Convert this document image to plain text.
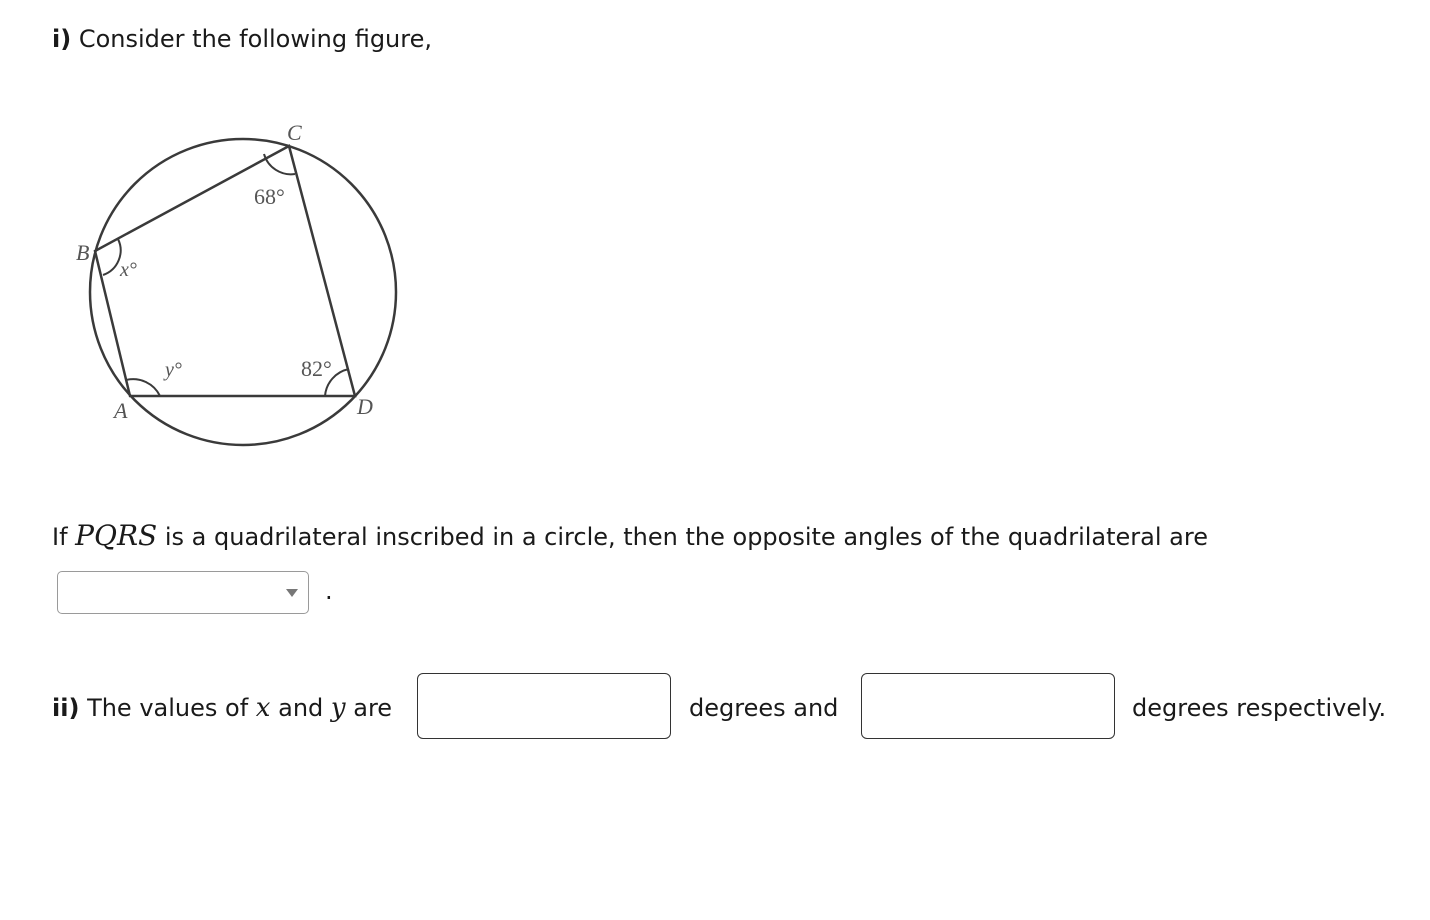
i) Consider the following figure,
C
B
A	D
68°
x°
y°	82°
If PQRS is a quadrilateral inscribed in a circle, then the opposite angles of the quadrilateral are
.
ii) The values of x and y are	degrees and	degrees respectively.
